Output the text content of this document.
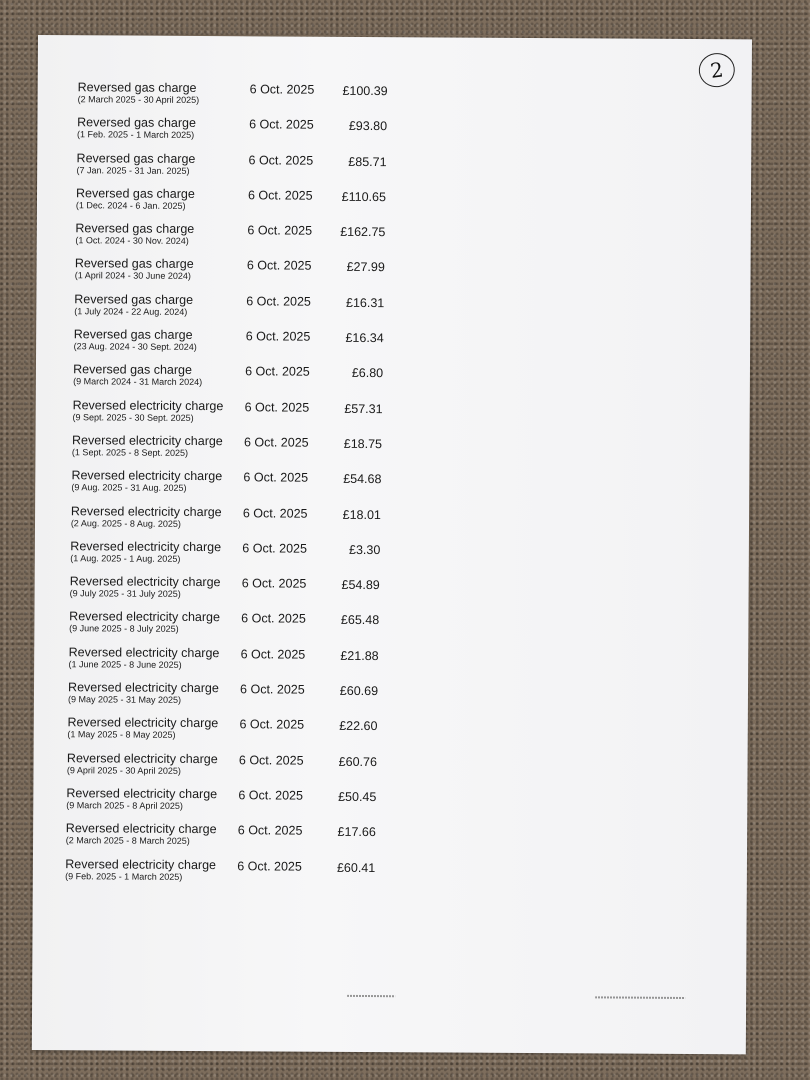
2
Reversed gas charge
(2 March 2025 - 30 April 2025)
6 Oct. 2025	£100.39
Reversed gas charge
(1 Feb. 2025 - 1 March 2025)
6 Oct. 2025	£93.80
Reversed gas charge
(7 Jan. 2025 - 31 Jan. 2025)
6 Oct. 2025	£85.71
Reversed gas charge
(1 Dec. 2024 - 6 Jan. 2025)
6 Oct. 2025	£110.65
Reversed gas charge
(1 Oct. 2024 - 30 Nov. 2024)
6 Oct. 2025	£162.75
Reversed gas charge
(1 April 2024 - 30 June 2024)
6 Oct. 2025	£27.99
Reversed gas charge
(1 July 2024 - 22 Aug. 2024)
6 Oct. 2025	£16.31
Reversed gas charge
(23 Aug. 2024 - 30 Sept. 2024)
6 Oct. 2025	£16.34
Reversed gas charge
(9 March 2024 - 31 March 2024)
6 Oct. 2025	£6.80
Reversed electricity charge
(9 Sept. 2025 - 30 Sept. 2025)
6 Oct. 2025	£57.31
Reversed electricity charge
(1 Sept. 2025 - 8 Sept. 2025)
6 Oct. 2025	£18.75
Reversed electricity charge
(9 Aug. 2025 - 31 Aug. 2025)
6 Oct. 2025	£54.68
Reversed electricity charge
(2 Aug. 2025 - 8 Aug. 2025)
6 Oct. 2025	£18.01
Reversed electricity charge
(1 Aug. 2025 - 1 Aug. 2025)
6 Oct. 2025	£3.30
Reversed electricity charge
(9 July 2025 - 31 July 2025)
6 Oct. 2025	£54.89
Reversed electricity charge
(9 June 2025 - 8 July 2025)
6 Oct. 2025	£65.48
Reversed electricity charge
(1 June 2025 - 8 June 2025)
6 Oct. 2025	£21.88
Reversed electricity charge
(9 May 2025 - 31 May 2025)
6 Oct. 2025	£60.69
Reversed electricity charge
(1 May 2025 - 8 May 2025)
6 Oct. 2025	£22.60
Reversed electricity charge
(9 April 2025 - 30 April 2025)
6 Oct. 2025	£60.76
Reversed electricity charge
(9 March 2025 - 8 April 2025)
6 Oct. 2025	£50.45
Reversed electricity charge
(2 March 2025 - 8 March 2025)
6 Oct. 2025	£17.66
Reversed electricity charge
(9 Feb. 2025 - 1 March 2025)
6 Oct. 2025	£60.41
